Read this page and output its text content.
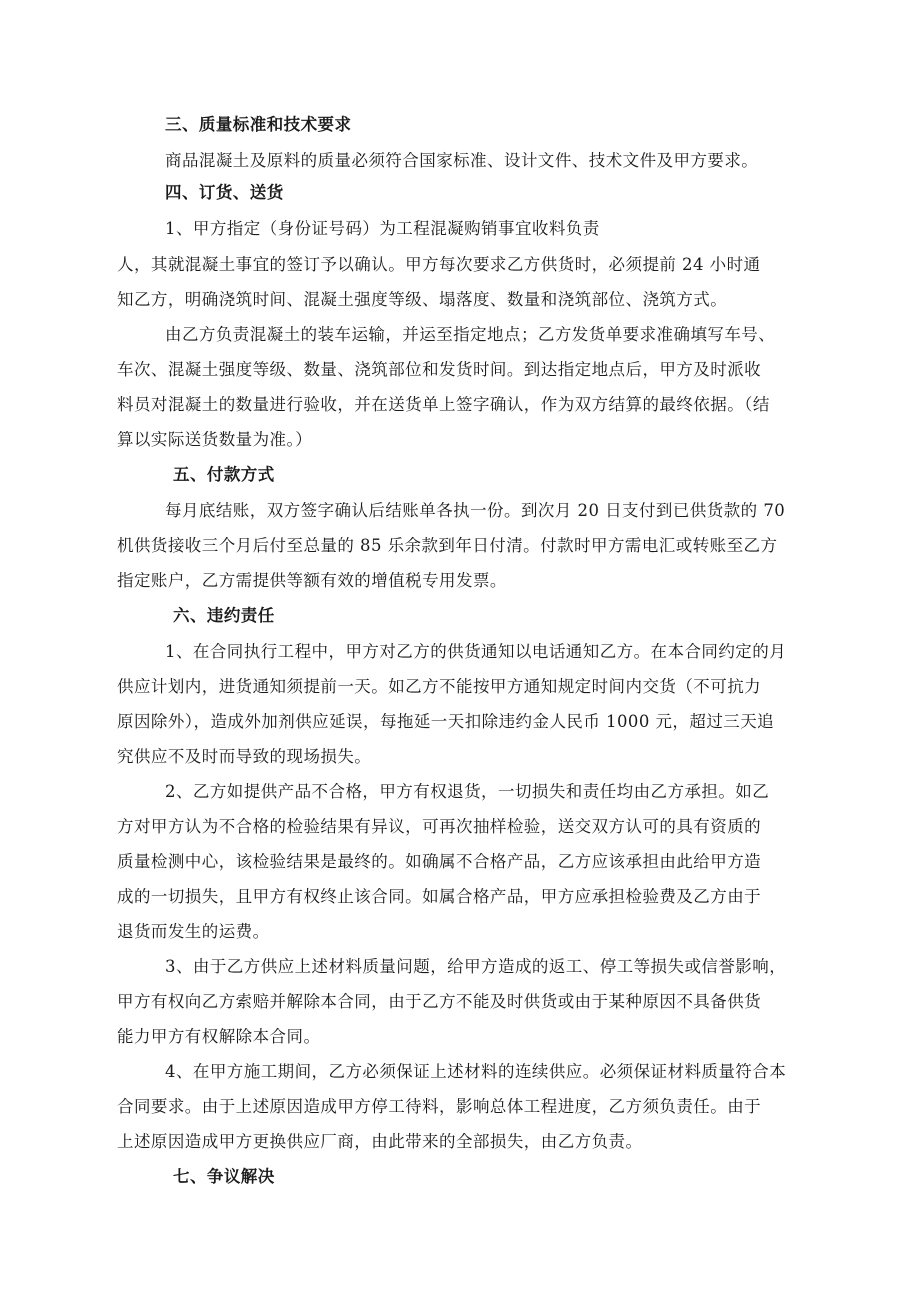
三、质量标准和技术要求
商品混凝土及原料的质量必须符合国家标准、设计文件、技术文件及甲方要求。
四、订货、送货
1、甲方指定（身份证号码）为工程混凝购销事宜收料负责
人，其就混凝土事宜的签订予以确认。甲方每次要求乙方供货时，必须提前 24 小时通
知乙方，明确浇筑时间、混凝土强度等级、塌落度、数量和浇筑部位、浇筑方式。
由乙方负责混凝土的装车运输，并运至指定地点；乙方发货单要求准确填写车号、
车次、混凝土强度等级、数量、浇筑部位和发货时间。到达指定地点后，甲方及时派收
料员对混凝土的数量进行验收，并在送货单上签字确认，作为双方结算的最终依据。（结
算以实际送货数量为准。）
五、付款方式
每月底结账，双方签字确认后结账单各执一份。到次月 20 日支付到已供货款的 70
机供货接收三个月后付至总量的 85 乐余款到年日付清。付款时甲方需电汇或转账至乙方
指定账户，乙方需提供等额有效的增值税专用发票。
六、违约责任
1、在合同执行工程中，甲方对乙方的供货通知以电话通知乙方。在本合同约定的月
供应计划内，进货通知须提前一天。如乙方不能按甲方通知规定时间内交货（不可抗力
原因除外），造成外加剂供应延误，每拖延一天扣除违约金人民币 1000 元，超过三天追
究供应不及时而导致的现场损失。
2、乙方如提供产品不合格，甲方有权退货，一切损失和责任均由乙方承担。如乙
方对甲方认为不合格的检验结果有异议，可再次抽样检验，送交双方认可的具有资质的
质量检测中心，该检验结果是最终的。如确属不合格产品，乙方应该承担由此给甲方造
成的一切损失，且甲方有权终止该合同。如属合格产品，甲方应承担检验费及乙方由于
退货而发生的运费。
3、由于乙方供应上述材料质量问题，给甲方造成的返工、停工等损失或信誉影响，
甲方有权向乙方索赔并解除本合同，由于乙方不能及时供货或由于某种原因不具备供货
能力甲方有权解除本合同。
4、在甲方施工期间，乙方必须保证上述材料的连续供应。必须保证材料质量符合本
合同要求。由于上述原因造成甲方停工待料，影响总体工程进度，乙方须负责任。由于
上述原因造成甲方更换供应厂商，由此带来的全部损失，由乙方负责。
七、争议解决
